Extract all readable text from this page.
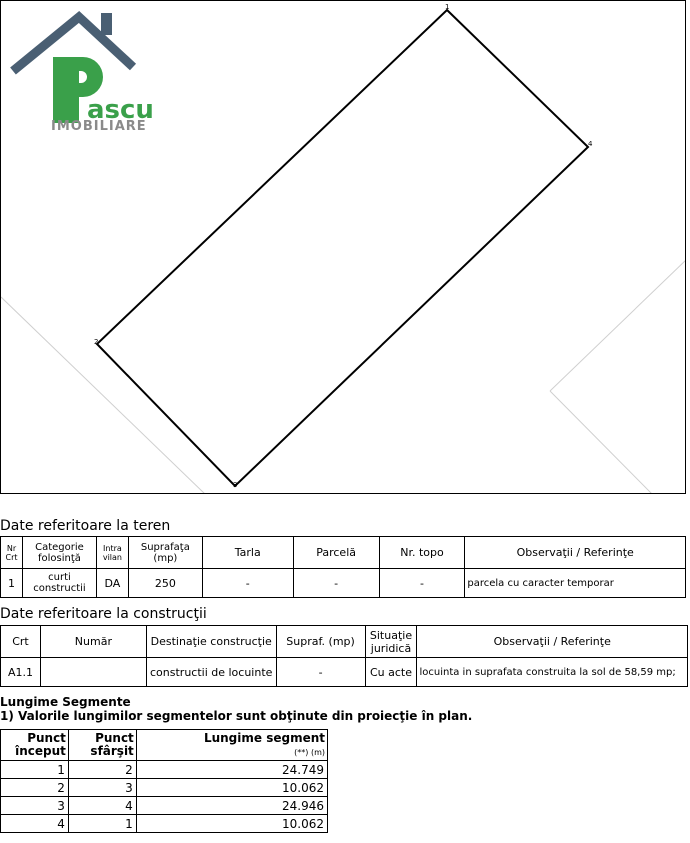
1
4
2
3
ascu
IMOBILIARE
Date referitoare la teren
Nr Crt	Categorie folosinţă	Intra vilan	Suprafaţa (mp)	Tarla	Parcelă	Nr. topo	Observaţii / Referinţe
1	curti constructii	DA	250	-	-	-	parcela cu caracter temporar
Date referitoare la construcţii
Crt	Număr	Destinaţie construcţie	Supraf. (mp)	Situaţie juridică	Observaţii / Referinţe
A1.1		constructii de locuinte	-	Cu acte	locuinta in suprafata construita la sol de 58,59 mp;

Lungime Segmente

1) Valorile lungimilor segmentelor sunt obţinute din proiecţie în plan.

Punct început	Punct sfârşit	Lungime segment
(**) (m)
1	2	24.749
2	3	10.062
3	4	24.946
4	1	10.062
